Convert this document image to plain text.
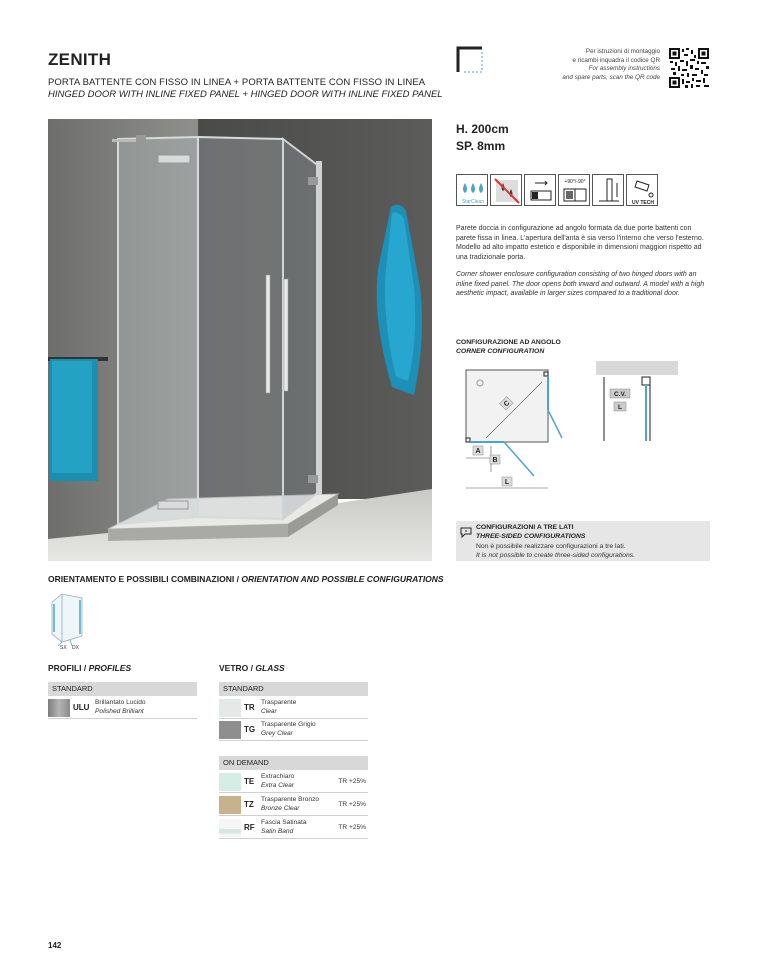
ZENITH
PORTA BATTENTE CON FISSO IN LINEA + PORTA BATTENTE CON FISSO IN LINEA
HINGED DOOR WITH INLINE FIXED PANEL + HINGED DOOR WITH INLINE FIXED PANEL
Per istruzioni di montaggio
e ricambi inquadra il codice QR
For assembly instructions
and spare parts, scan the QR code
H. 200cm
SP. 8mm
StarClean
+90°/-90°
UV TECH
Parete doccia in configurazione ad angolo formata da due porte battenti con parete fissa in linea. L'apertura dell'anta è sia verso l'interno che verso l'esterno. Modello ad alto impatto estetico e disponibile in dimensioni maggiori rispetto ad una tradizionale porta.
Corner shower enclosure configuration consisting of two hinged doors with an inline fixed panel. The door opens both inward and outward. A model with a high aesthetic impact, available in larger sizes compared to a traditional door.
CONFIGURAZIONE AD ANGOLO
CORNER CONFIGURATION
C
A
B
L
C.V.
L
CONFIGURAZIONI A TRE LATI
THREE-SIDED CONFIGURATIONS
Non è possibile realizzare configurazioni a tre lati.
It is not possible to create three-sided configurations.
ORIENTAMENTO E POSSIBILI COMBINAZIONI / ORIENTATION AND POSSIBLE CONFIGURATIONS
SX DX
PROFILI / PROFILES
STANDARD
ULU
Brillantato Lucido
Polished Brilliant
VETRO / GLASS
STANDARD
TR
Trasparente
Clear
TG
Trasparente Grigio
Grey Clear
ON DEMAND
TE
Extrachiaro
Extra Clear
TR +25%
TZ
Trasparente Bronzo
Bronze Clear
TR +25%
RF
Fascia Satinata
Satin Band
TR +25%
142
